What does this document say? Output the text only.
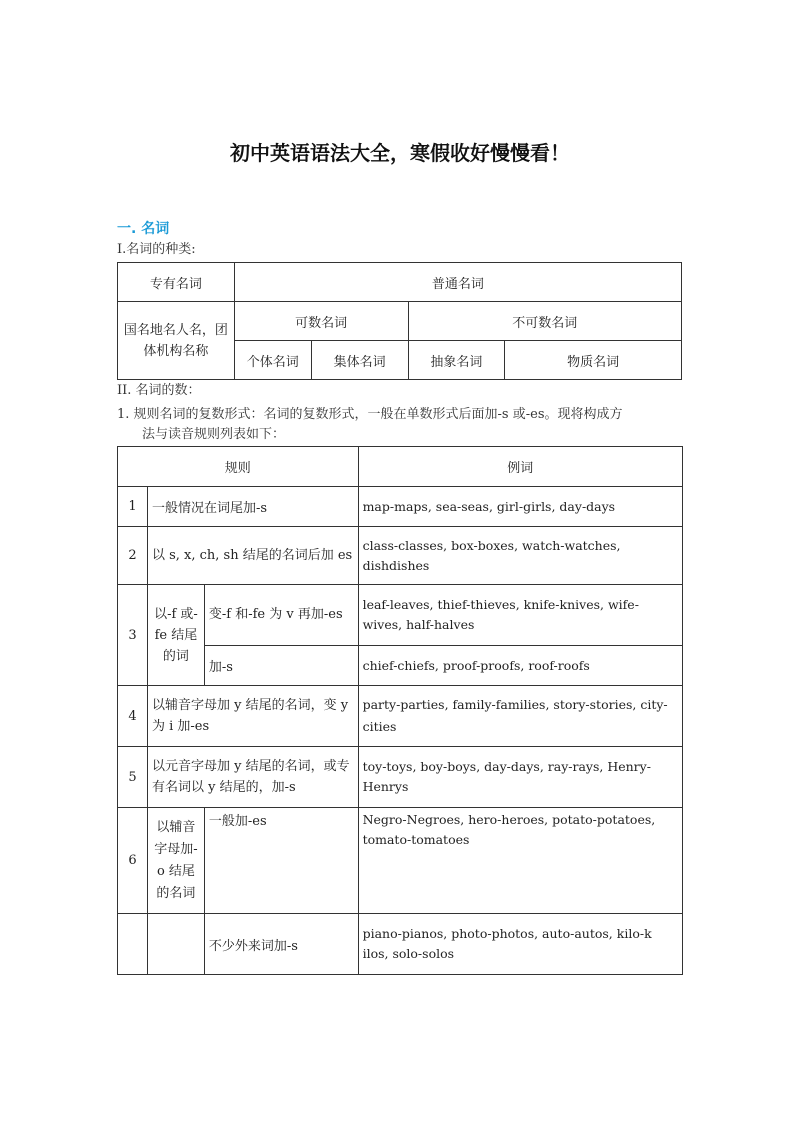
初中英语语法大全，寒假收好慢慢看！
一. 名词
I.名词的种类:
专有名词	普通名词			
国名地名人名，团体机构名称	可数名词		不可数名词	
	个体名词	集体名词	抽象名词	物质名词
II. 名词的数：
1. 规则名词的复数形式：名词的复数形式，一般在单数形式后面加-s 或-es。现将构成方
法与读音规则列表如下：
规则			例词
1	一般情况在词尾加-s		map-maps, sea-seas, girl-girls, day-days
2	以 s, x, ch, sh 结尾的名词后加 es		class-classes, box-boxes, watch-watches, dishdishes
3	以-f 或-fe 结尾的词	变-f 和-fe 为 v 再加-es	leaf-leaves, thief-thieves, knife-knives, wife-wives, half-halves
		加-s	chief-chiefs, proof-proofs, roof-roofs
4	以辅音字母加 y 结尾的名词，变 y 为 i 加-es		party-parties, family-families, story-stories, city-cities
5	以元音字母加 y 结尾的名词，或专有名词以 y 结尾的，加-s		toy-toys, boy-boys, day-days, ray-rays, Henry-Henrys
6	以辅音字母加-o 结尾的名词	一般加-es	Negro-Negroes, hero-heroes, potato-potatoes, tomato-tomatoes
		不少外来词加-s	piano-pianos, photo-photos, auto-autos, kilo-k ilos, solo-solos
